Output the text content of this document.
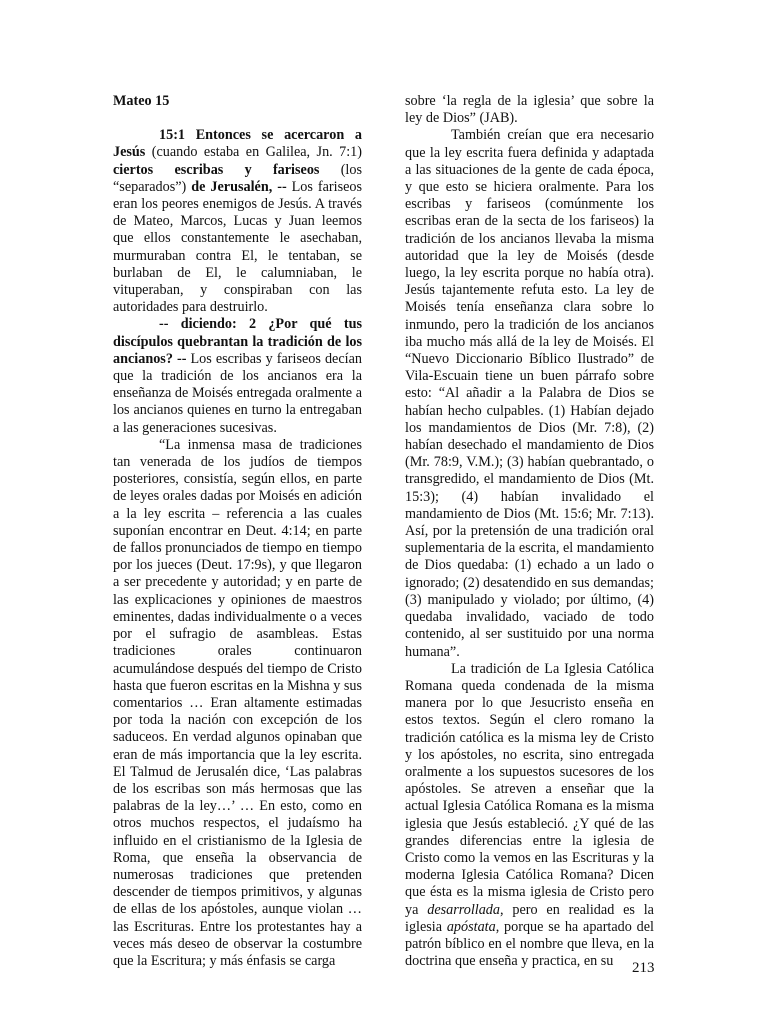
Mateo 15

15:1 Entonces se acercaron a Jesús (cuando estaba en Galilea, Jn. 7:1) ciertos escribas y fariseos (los “separados”) de Jerusalén, -- Los fariseos eran los peores enemigos de Jesús. A través de Mateo, Marcos, Lucas y Juan leemos que ellos constantemente le asechaban, murmuraban contra El, le tentaban, se burlaban de El, le calumniaban, le vituperaban, y conspiraban con las autoridades para destruirlo.

-- diciendo: 2 ¿Por qué tus discípulos quebrantan la tradición de los ancianos? -- Los escribas y fariseos decían que la tradición de los ancianos era la enseñanza de Moisés entregada oralmente a los ancianos quienes en turno la entregaban a las generaciones sucesivas.

“La inmensa masa de tradiciones tan venerada de los judíos de tiempos posteriores, consistía, según ellos, en parte de leyes orales dadas por Moisés en adición a la ley escrita – referencia a las cuales suponían encontrar en Deut. 4:14; en parte de fallos pronunciados de tiempo en tiempo por los jueces (Deut. 17:9s), y que llegaron a ser precedente y autoridad; y en parte de las explicaciones y opiniones de maestros eminentes, dadas individualmente o a veces por el sufragio de asambleas. Estas tradiciones orales continuaron acumulándose después del tiempo de Cristo hasta que fueron escritas en la Mishna y sus comentarios … Eran altamente estimadas por toda la nación con excepción de los saduceos. En verdad algunos opinaban que eran de más importancia que la ley escrita. El Talmud de Jerusalén dice, ‘Las palabras de los escribas son más hermosas que las palabras de la ley…’ … En esto, como en otros muchos respectos, el judaísmo ha influido en el cristianismo de la Iglesia de Roma, que enseña la observancia de numerosas tradiciones que pretenden descender de tiempos primitivos, y algunas de ellas de los apóstoles, aunque violan … las Escrituras. Entre los protestantes hay a veces más deseo de observar la costumbre que la Escritura; y más énfasis se carga

sobre ‘la regla de la iglesia’ que sobre la ley de Dios” (JAB).

También creían que era necesario que la ley escrita fuera definida y adaptada a las situaciones de la gente de cada época, y que esto se hiciera oralmente. Para los escribas y fariseos (comúnmente los escribas eran de la secta de los fariseos) la tradición de los ancianos llevaba la misma autoridad que la ley de Moisés (desde luego, la ley escrita porque no había otra). Jesús tajantemente refuta esto. La ley de Moisés tenía enseñanza clara sobre lo inmundo, pero la tradición de los ancianos iba mucho más allá de la ley de Moisés. El “Nuevo Diccionario Bíblico Ilustrado” de Vila-Escuain tiene un buen párrafo sobre esto: “Al añadir a la Palabra de Dios se habían hecho culpables. (1) Habían dejado los mandamientos de Dios (Mr. 7:8), (2) habían desechado el mandamiento de Dios (Mr. 78:9, V.M.); (3) habían quebrantado, o transgredido, el mandamiento de Dios (Mt. 15:3); (4) habían invalidado el mandamiento de Dios (Mt. 15:6; Mr. 7:13). Así, por la pretensión de una tradición oral suplementaria de la escrita, el mandamiento de Dios quedaba: (1) echado a un lado o ignorado; (2) desatendido en sus demandas; (3) manipulado y violado; por último, (4) quedaba invalidado, vaciado de todo contenido, al ser sustituido por una norma humana”.

La tradición de La Iglesia Católica Romana queda condenada de la misma manera por lo que Jesucristo enseña en estos textos. Según el clero romano la tradición católica es la misma ley de Cristo y los apóstoles, no escrita, sino entregada oralmente a los supuestos sucesores de los apóstoles. Se atreven a enseñar que la actual Iglesia Católica Romana es la misma iglesia que Jesús estableció. ¿Y qué de las grandes diferencias entre la iglesia de Cristo como la vemos en las Escrituras y la moderna Iglesia Católica Romana? Dicen que ésta es la misma iglesia de Cristo pero ya desarrollada, pero en realidad es la iglesia apóstata, porque se ha apartado del patrón bíblico en el nombre que lleva, en la doctrina que enseña y practica, en su	213
